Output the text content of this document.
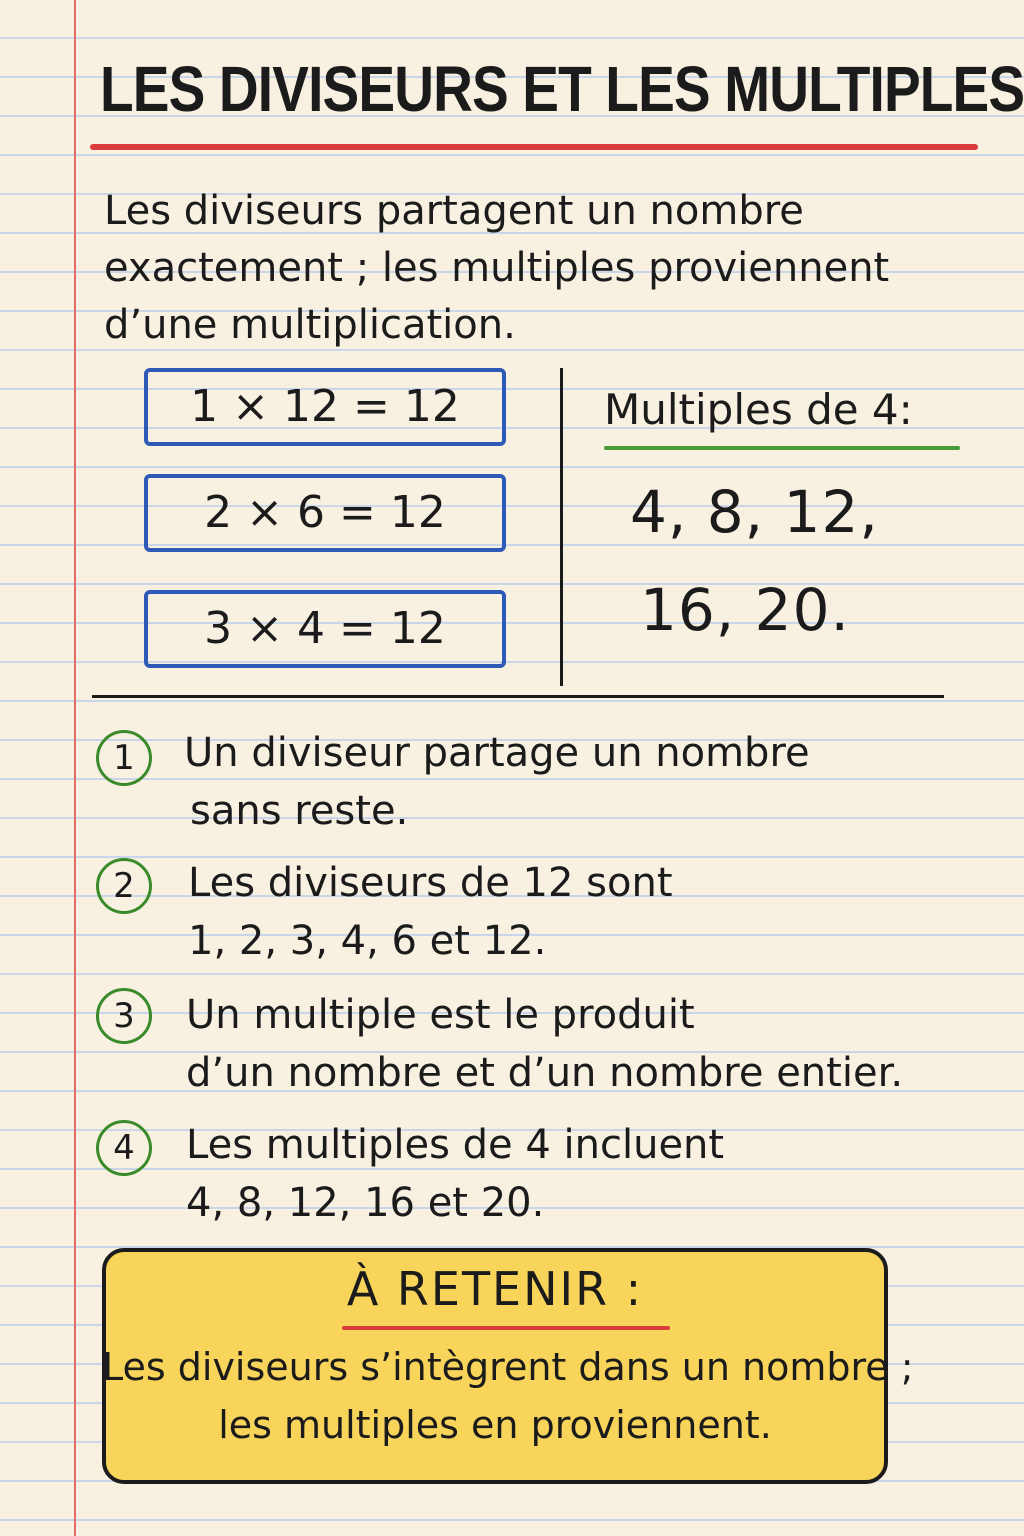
LES DIVISEURS ET LES MULTIPLES
Les diviseurs partagent un nombre
exactement ; les multiples proviennent
d’une multiplication.
1 × 12 = 12
2 × 6 = 12
3 × 4 = 12
Multiples de 4:
4, 8, 12,
16, 20.
1	Un diviseur partage un nombre
sans reste.
2	Les diviseurs de 12 sont
1, 2, 3, 4, 6 et 12.
3	Un multiple est le produit
d’un nombre et d’un nombre entier.
4	Les multiples de 4 incluent
4, 8, 12, 16 et 20.
À RETENIR :
Les diviseurs s’intègrent dans un nombre ;
les multiples en proviennent.
